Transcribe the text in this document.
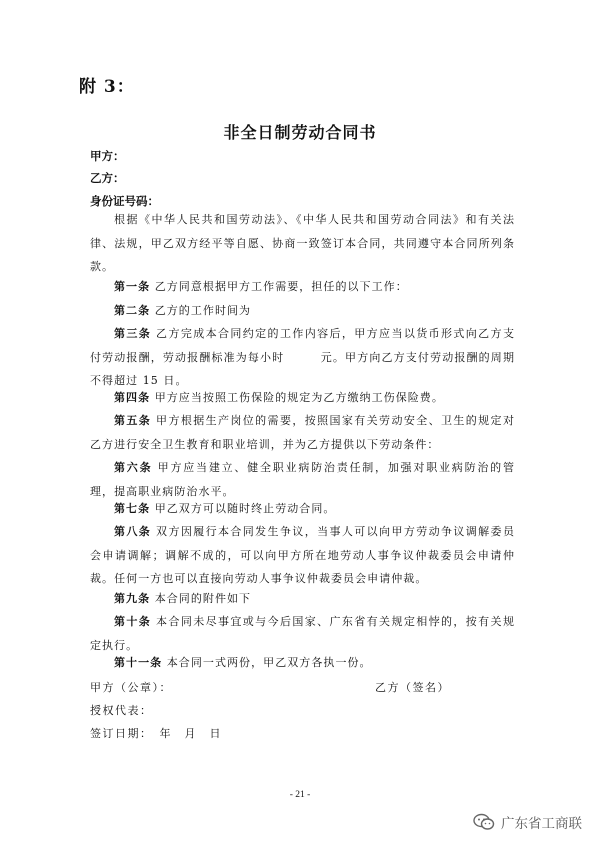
附 3：
非全日制劳动合同书
甲方：
乙方：
身份证号码：
根据《中华人民共和国劳动法》、《中华人民共和国劳动合同法》和有关法律、法规，甲乙双方经平等自愿、协商一致签订本合同，共同遵守本合同所列条款。
第一条 乙方同意根据甲方工作需要，担任的以下工作：
第二条 乙方的工作时间为
第三条 乙方完成本合同约定的工作内容后，甲方应当以货币形式向乙方支付劳动报酬，劳动报酬标准为每小时　　　元。甲方向乙方支付劳动报酬的周期不得超过 15 日。
第四条 甲方应当按照工伤保险的规定为乙方缴纳工伤保险费。
第五条 甲方根据生产岗位的需要，按照国家有关劳动安全、卫生的规定对乙方进行安全卫生教育和职业培训，并为乙方提供以下劳动条件：
第六条 甲方应当建立、健全职业病防治责任制，加强对职业病防治的管理，提高职业病防治水平。
第七条 甲乙双方可以随时终止劳动合同。
第八条 双方因履行本合同发生争议，当事人可以向甲方劳动争议调解委员会申请调解；调解不成的，可以向甲方所在地劳动人事争议仲裁委员会申请仲裁。任何一方也可以直接向劳动人事争议仲裁委员会申请仲裁。
第九条 本合同的附件如下
第十条 本合同未尽事宜或与今后国家、广东省有关规定相悖的，按有关规定执行。
第十一条 本合同一式两份，甲乙双方各执一份。
甲方（公章）：	乙方（签名）
授权代表：
签订日期：　年　月　日
- 21 -
广东省工商联
